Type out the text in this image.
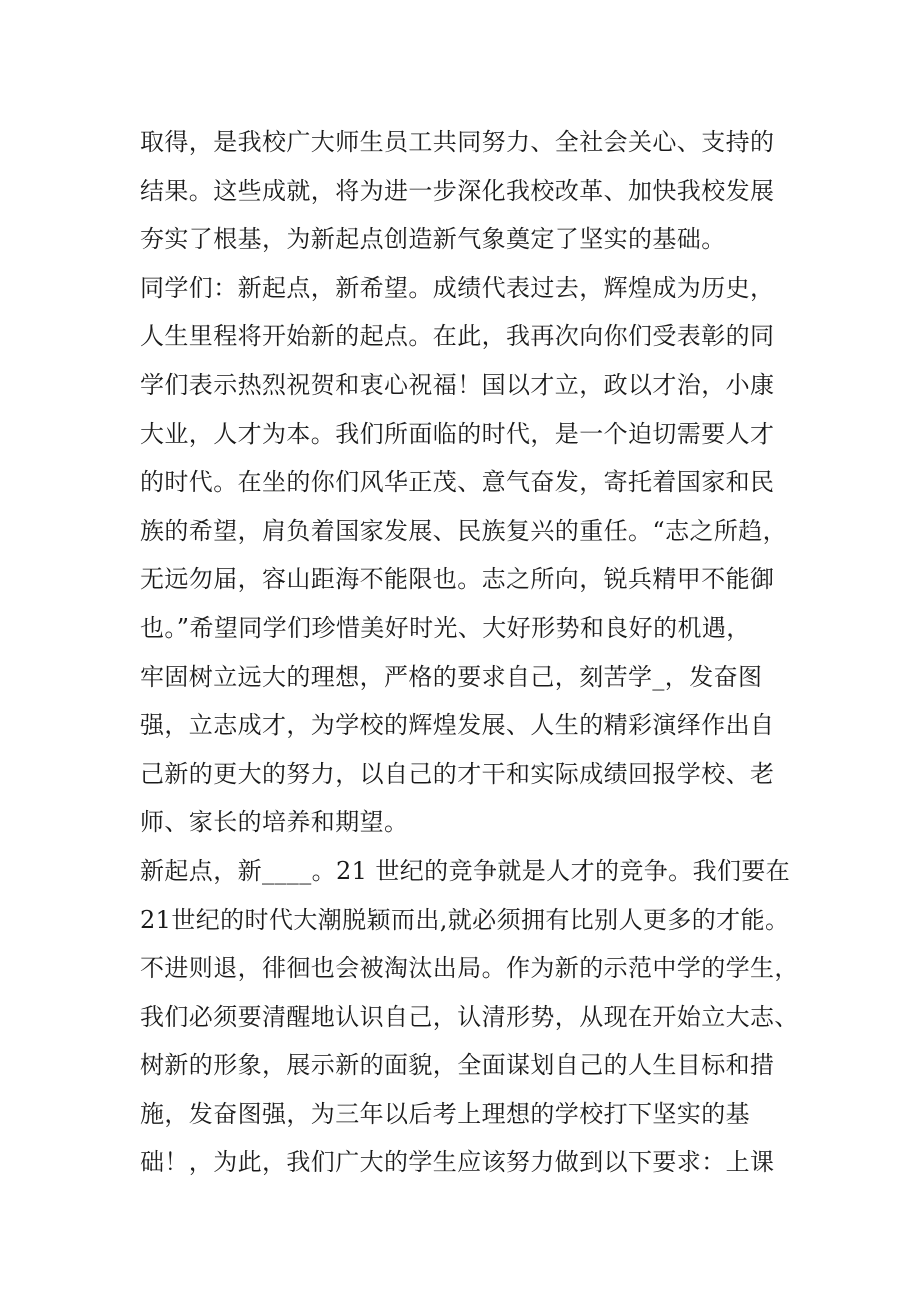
取得，是我校广大师生员工共同努力、全社会关心、支持的
结果。这些成就，将为进一步深化我校改革、加快我校发展
夯实了根基，为新起点创造新气象奠定了坚实的基础。
同学们：新起点，新希望。成绩代表过去，辉煌成为历史，
人生里程将开始新的起点。在此，我再次向你们受表彰的同
学们表示热烈祝贺和衷心祝福！国以才立，政以才治，小康
大业，人才为本。我们所面临的时代，是一个迫切需要人才
的时代。在坐的你们风华正茂、意气奋发，寄托着国家和民
族的希望，肩负着国家发展、民族复兴的重任。“志之所趋，
无远勿届，容山距海不能限也。志之所向，锐兵精甲不能御
也。”希望同学们珍惜美好时光、大好形势和良好的机遇，
牢固树立远大的理想，严格的要求自己，刻苦学_，发奋图
强，立志成才，为学校的辉煌发展、人生的精彩演绎作出自
己新的更大的努力，以自己的才干和实际成绩回报学校、老
师、家长的培养和期望。
新起点，新____。21 世纪的竞争就是人才的竞争。我们要在
21世纪的时代大潮脱颖而出,就必须拥有比别人更多的才能。
不进则退，徘徊也会被淘汰出局。作为新的示范中学的学生，
我们必须要清醒地认识自己，认清形势，从现在开始立大志、
树新的形象，展示新的面貌，全面谋划自己的人生目标和措
施，发奋图强，为三年以后考上理想的学校打下坚实的基
础！，为此，我们广大的学生应该努力做到以下要求：上课
